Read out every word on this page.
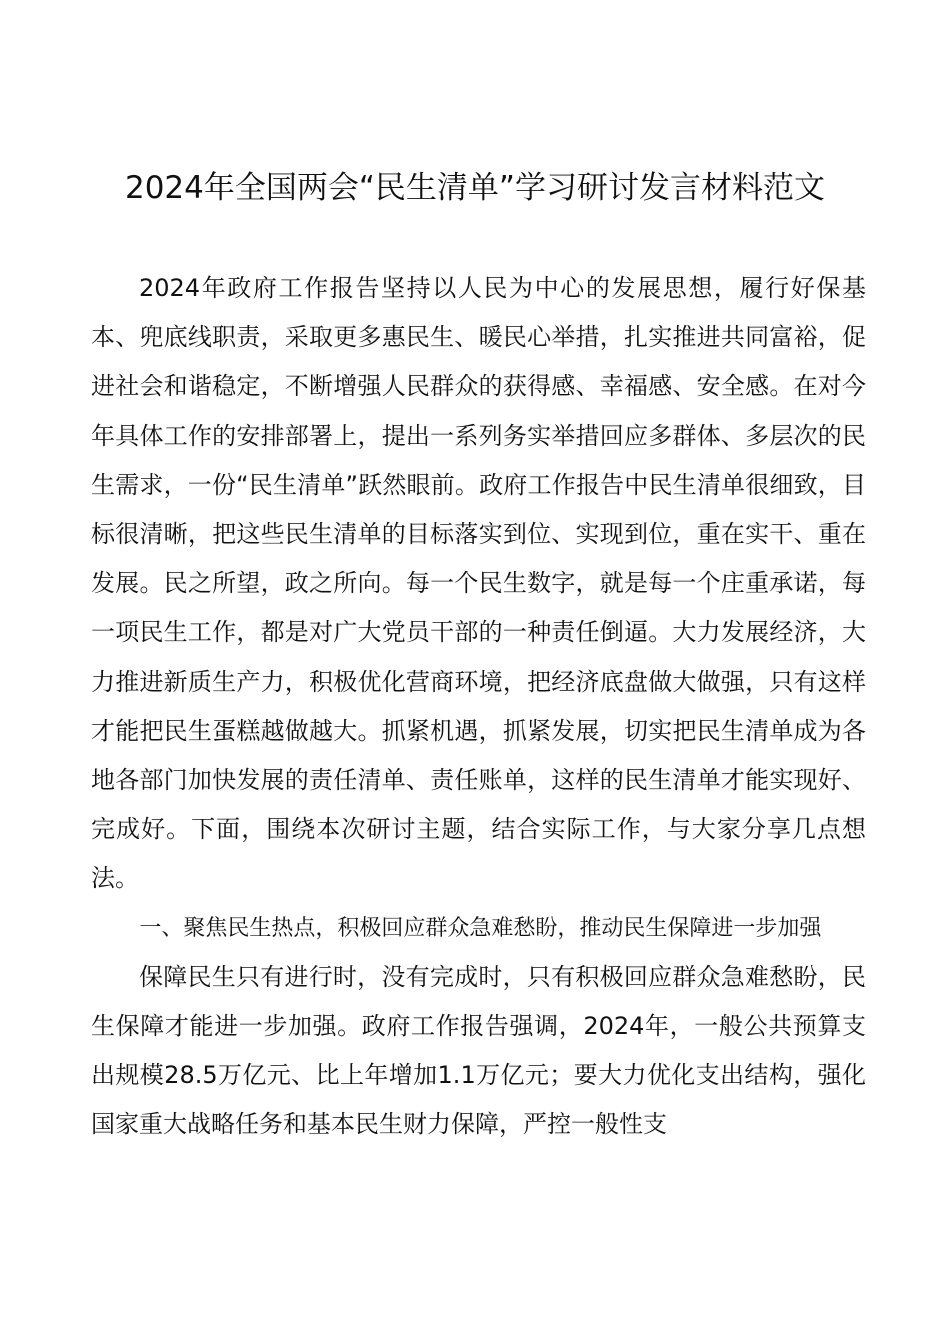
2024年全国两会“民生清单”学习研讨发言材料范文

2024年政府工作报告坚持以人民为中心的发展思想，履行好保基本、兜底线职责，采取更多惠民生、暖民心举措，扎实推进共同富裕，促进社会和谐稳定，不断增强人民群众的获得感、幸福感、安全感。在对今年具体工作的安排部署上，提出一系列务实举措回应多群体、多层次的民生需求，一份“民生清单”跃然眼前。政府工作报告中民生清单很细致，目标很清晰，把这些民生清单的目标落实到位、实现到位，重在实干、重在发展。民之所望，政之所向。每一个民生数字，就是每一个庄重承诺，每一项民生工作，都是对广大党员干部的一种责任倒逼。大力发展经济，大力推进新质生产力，积极优化营商环境，把经济底盘做大做强，只有这样才能把民生蛋糕越做越大。抓紧机遇，抓紧发展，切实把民生清单成为各地各部门加快发展的责任清单、责任账单，这样的民生清单才能实现好、完成好。下面，围绕本次研讨主题，结合实际工作，与大家分享几点想法。

一、聚焦民生热点，积极回应群众急难愁盼，推动民生保障进一步加强

保障民生只有进行时，没有完成时，只有积极回应群众急难愁盼，民生保障才能进一步加强。政府工作报告强调，2024年，一般公共预算支出规模28.5万亿元、比上年增加1.1万亿元；要大力优化支出结构，强化国家重大战略任务和基本民生财力保障，严控一般性支
